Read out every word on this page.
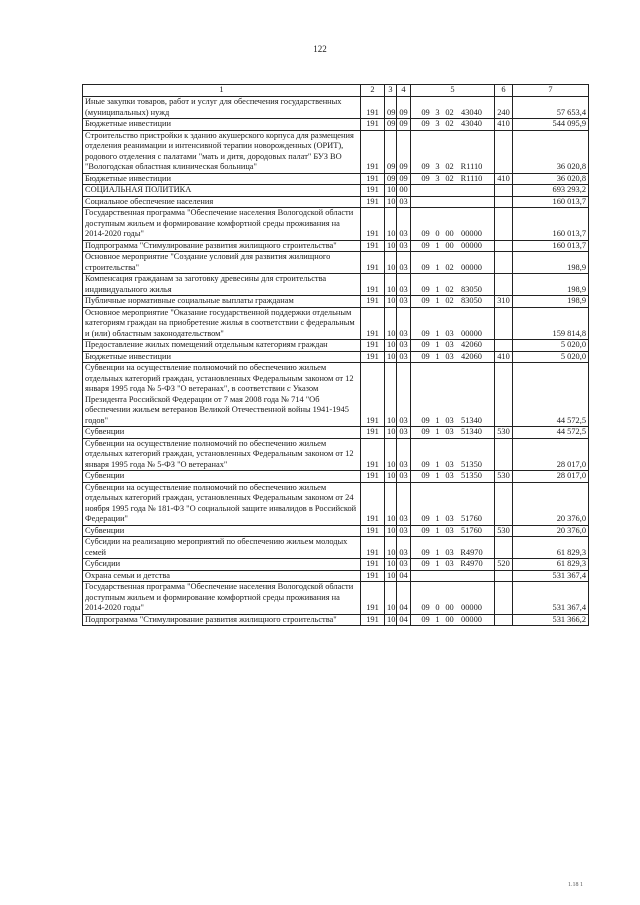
122
1	2	3	4	5	6	7
Иные закупки товаров, работ и услуг для обеспечения государственных (муниципальных) нужд	191	09	09	09 3 02 43040	240	57 653,4
Бюджетные инвестиции	191	09	09	09 3 02 43040	410	544 095,9
Строительство пристройки к зданию акушерского корпуса для размещения отделения реанимации и интенсивной терапии новорожденных (ОРИТ), родового отделения с палатами "мать и дитя, дородовых палат" БУЗ ВО "Вологодская областная клиническая больница"	191	09	09	09 3 02 R1110		36 020,8
Бюджетные инвестиции	191	09	09	09 3 02 R1110	410	36 020,8
СОЦИАЛЬНАЯ ПОЛИТИКА	191	10	00			693 293,2
Социальное обеспечение населения	191	10	03			160 013,7
Государственная программа "Обеспечение населения Вологодской области доступным жильем и формирование комфортной среды проживания на 2014-2020 годы"	191	10	03	09 0 00 00000		160 013,7
Подпрограмма "Стимулирование развития жилищного строительства"	191	10	03	09 1 00 00000		160 013,7
Основное мероприятие "Создание условий для развития жилищного строительства"	191	10	03	09 1 02 00000		198,9
Компенсация гражданам за заготовку древесины для строительства индивидуального жилья	191	10	03	09 1 02 83050		198,9
Публичные нормативные социальные выплаты гражданам	191	10	03	09 1 02 83050	310	198,9
Основное мероприятие "Оказание государственной поддержки отдельным категориям граждан на приобретение жилья в соответствии с федеральным и (или) областным законодательством"	191	10	03	09 1 03 00000		159 814,8
Предоставление жилых помещений отдельным категориям граждан	191	10	03	09 1 03 42060		5 020,0
Бюджетные инвестиции	191	10	03	09 1 03 42060	410	5 020,0
Субвенции на осуществление полномочий по обеспечению жильем отдельных категорий граждан, установленных Федеральным законом от 12 января 1995 года № 5-ФЗ "О ветеранах", в соответствии с Указом Президента Российской Федерации от 7 мая 2008 года № 714 "Об обеспечении жильем ветеранов Великой Отечественной войны 1941-1945 годов"	191	10	03	09 1 03 51340		44 572,5
Субвенции	191	10	03	09 1 03 51340	530	44 572,5
Субвенции на осуществление полномочий по обеспечению жильем отдельных категорий граждан, установленных Федеральным законом от 12 января 1995 года № 5-ФЗ "О ветеранах"	191	10	03	09 1 03 51350		28 017,0
Субвенции	191	10	03	09 1 03 51350	530	28 017,0
Субвенции на осуществление полномочий по обеспечению жильем отдельных категорий граждан, установленных Федеральным законом от 24 ноября 1995 года № 181-ФЗ "О социальной защите инвалидов в Российской Федерации"	191	10	03	09 1 03 51760		20 376,0
Субвенции	191	10	03	09 1 03 51760	530	20 376,0
Субсидии на реализацию мероприятий по обеспечению жильем молодых семей	191	10	03	09 1 03 R4970		61 829,3
Субсидии	191	10	03	09 1 03 R4970	520	61 829,3
Охрана семьи и детства	191	10	04			531 367,4
Государственная программа "Обеспечение населения Вологодской области доступным жильем и формирование комфортной среды проживания на 2014-2020 годы"	191	10	04	09 0 00 00000		531 367,4
Подпрограмма "Стимулирование развития жилищного строительства"	191	10	04	09 1 00 00000		531 366,2
1.18 1
